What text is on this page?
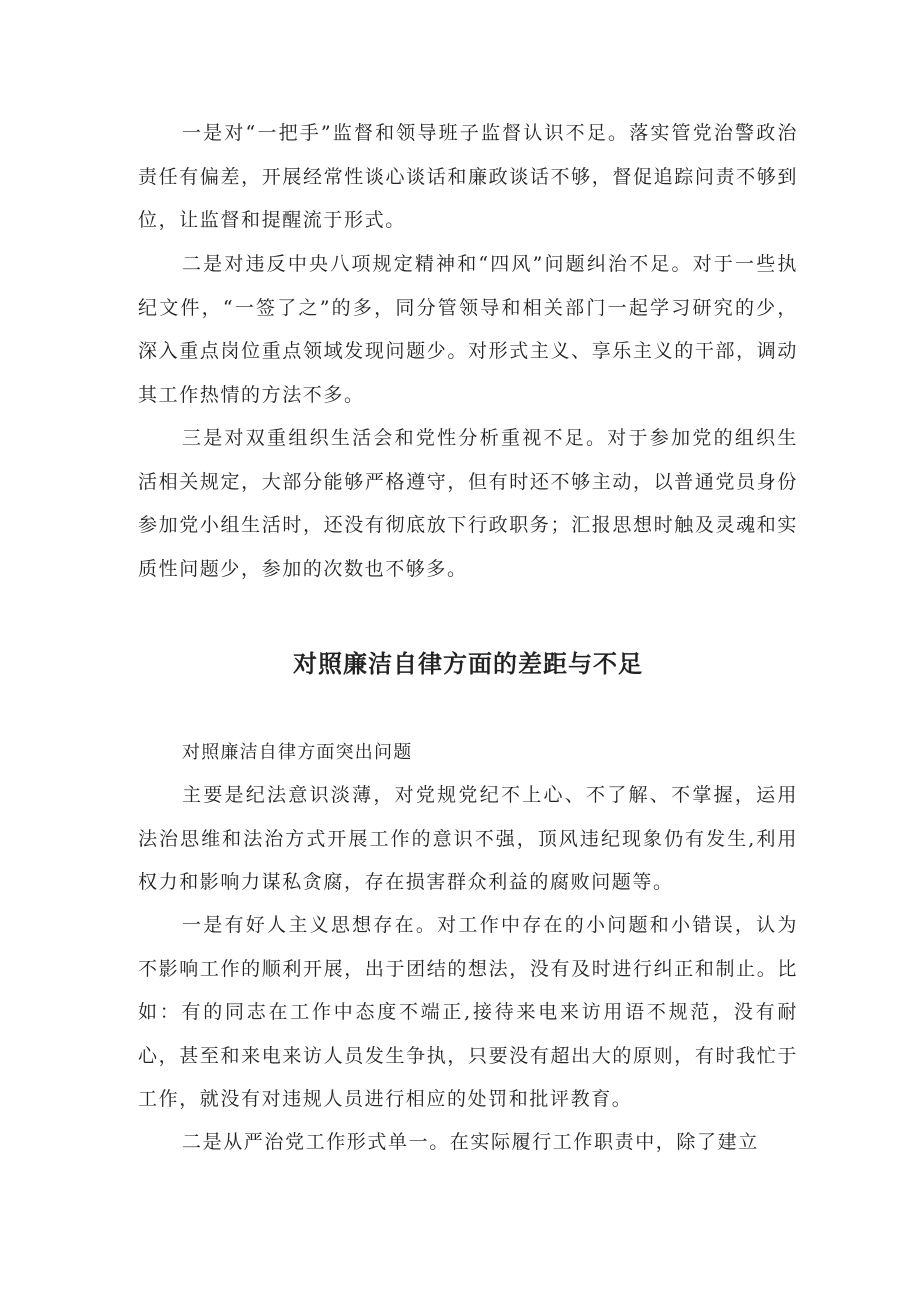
一是对“一把手”监督和领导班子监督认识不足。落实管党治警政治责任有偏差，开展经常性谈心谈话和廉政谈话不够，督促追踪问责不够到位，让监督和提醒流于形式。

二是对违反中央八项规定精神和“四风”问题纠治不足。对于一些执纪文件，“一签了之”的多，同分管领导和相关部门一起学习研究的少，深入重点岗位重点领域发现问题少。对形式主义、享乐主义的干部，调动其工作热情的方法不多。

三是对双重组织生活会和党性分析重视不足。对于参加党的组织生活相关规定，大部分能够严格遵守，但有时还不够主动，以普通党员身份参加党小组生活时，还没有彻底放下行政职务；汇报思想时触及灵魂和实质性问题少，参加的次数也不够多。

对照廉洁自律方面的差距与不足

对照廉洁自律方面突出问题

主要是纪法意识淡薄，对党规党纪不上心、不了解、不掌握，运用法治思维和法治方式开展工作的意识不强，顶风违纪现象仍有发生,利用权力和影响力谋私贪腐，存在损害群众利益的腐败问题等。

一是有好人主义思想存在。对工作中存在的小问题和小错误，认为不影响工作的顺利开展，出于团结的想法，没有及时进行纠正和制止。比如：有的同志在工作中态度不端正,接待来电来访用语不规范，没有耐心，甚至和来电来访人员发生争执，只要没有超出大的原则，有时我忙于工作，就没有对违规人员进行相应的处罚和批评教育。

二是从严治党工作形式单一。在实际履行工作职责中，除了建立
